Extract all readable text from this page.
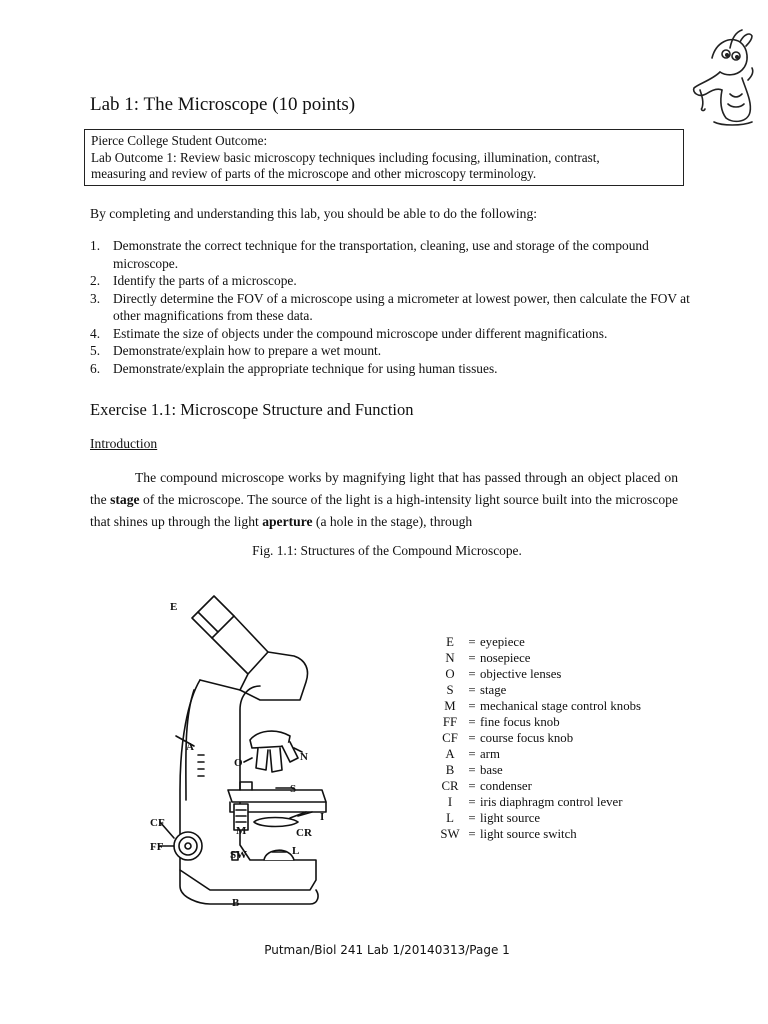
Lab 1: The Microscope (10 points)
Pierce College Student Outcome:
Lab Outcome 1: Review basic microscopy techniques including focusing, illumination, contrast,
measuring and review of parts of the microscope and other microscopy terminology.
By completing and understanding this lab, you should be able to do the following:
1. Demonstrate the correct technique for the transportation, cleaning, use and storage of the compound microscope.
2. Identify the parts of a microscope.
3. Directly determine the FOV of a microscope using a micrometer at lowest power, then calculate the FOV at other magnifications from these data.
4. Estimate the size of objects under the compound microscope under different magnifications.
5. Demonstrate/explain how to prepare a wet mount.
6. Demonstrate/explain the appropriate technique for using human tissues.
Exercise 1.1: Microscope Structure and Function
Introduction
The compound microscope works by magnifying light that has passed through an object placed on the stage of the microscope. The source of the light is a high-intensity light source built into the microscope that shines up through the light aperture (a hole in the stage), through
Fig. 1.1: Structures of the Compound Microscope.
E
A
O	N
S
I
CF
M	CR
FF
SW	L
B
E	= eyepiece
N	= nosepiece
O	= objective lenses
S	= stage
M = mechanical stage control knobs
FF = fine focus knob
CF = course focus knob
A	= arm
B	= base
CR = condenser
I	= iris diaphragm control lever
L	= light source
SW = light source switch
Putman/Biol 241 Lab 1/20140313/Page 1
